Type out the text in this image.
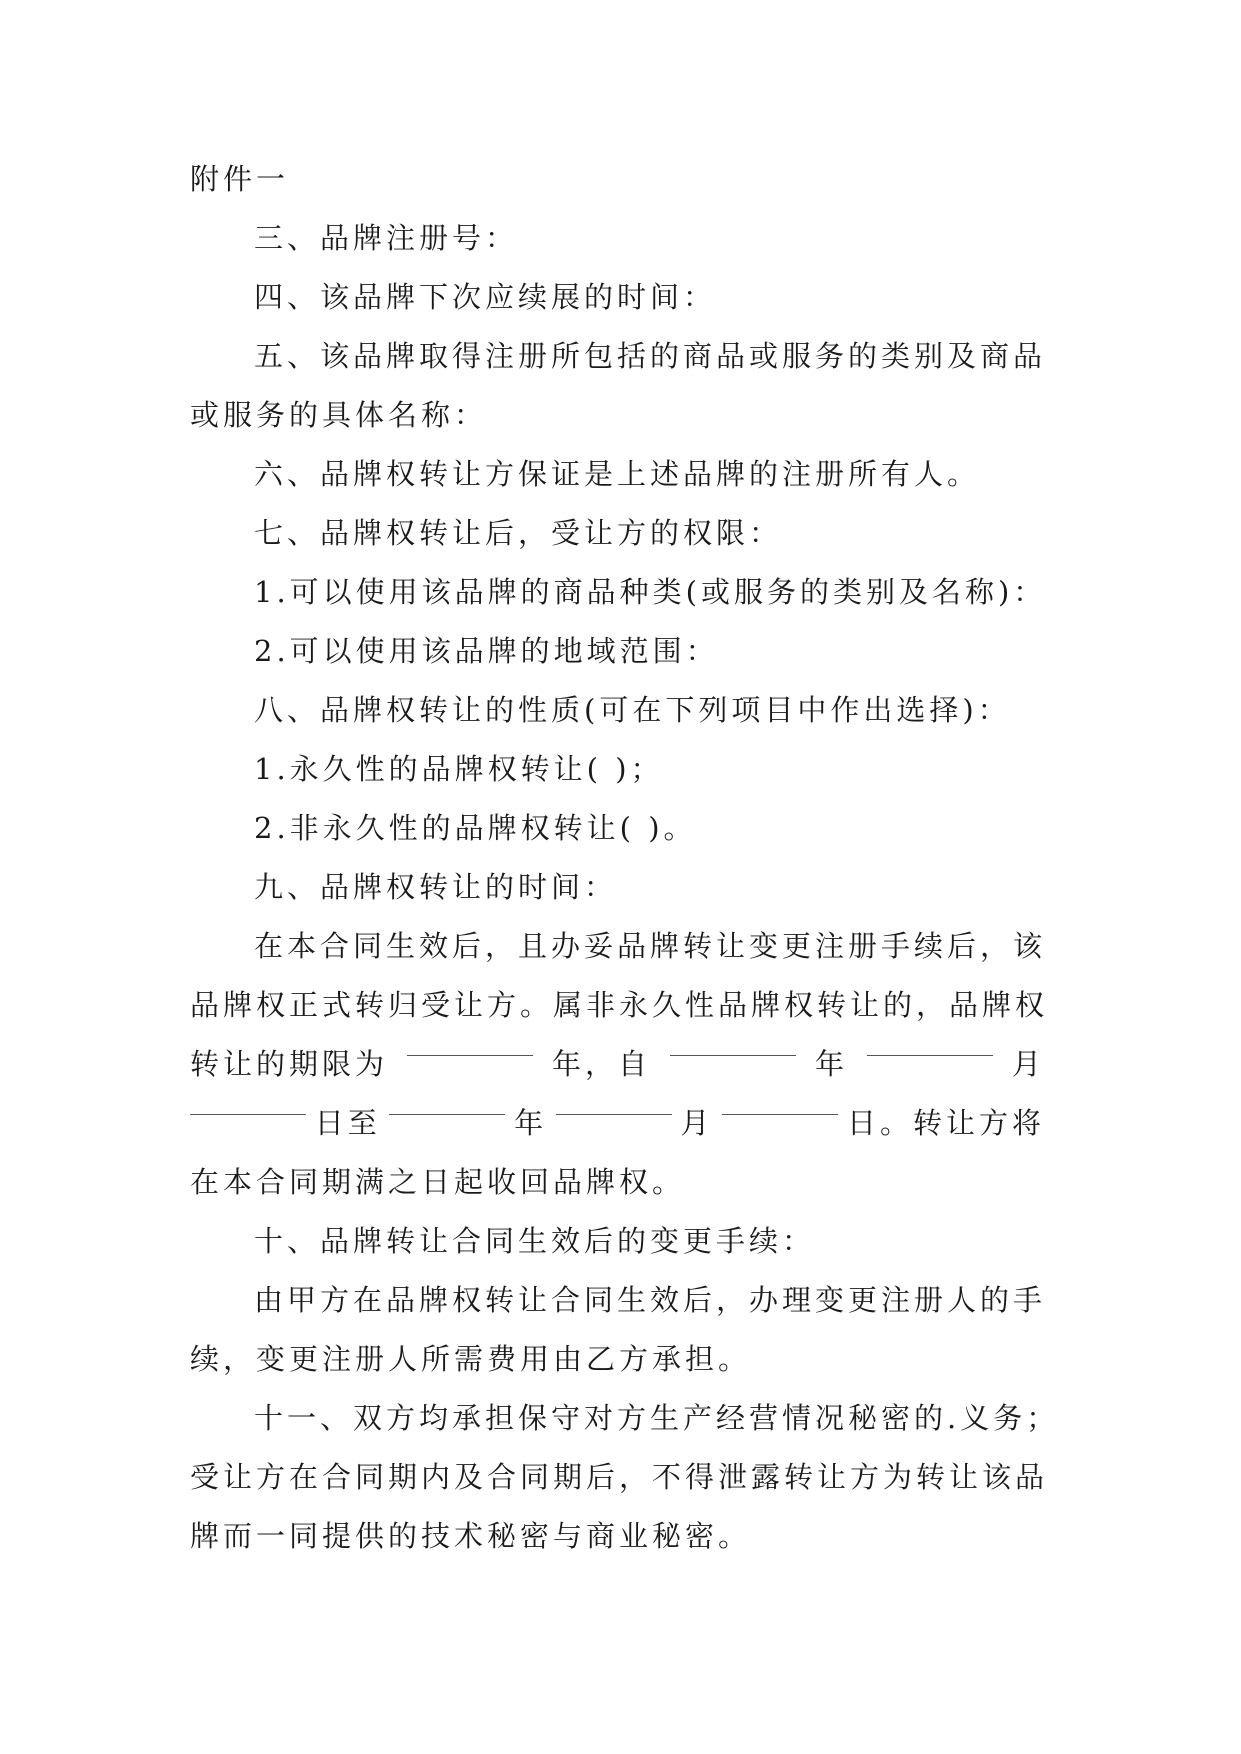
附件一
三、品牌注册号：
四、该品牌下次应续展的时间：
五、该品牌取得注册所包括的商品或服务的类别及商品
或服务的具体名称：
六、品牌权转让方保证是上述品牌的注册所有人。
七、品牌权转让后，受让方的权限：
1.可以使用该品牌的商品种类(或服务的类别及名称)：
2.可以使用该品牌的地域范围：
八、品牌权转让的性质(可在下列项目中作出选择)：
1.永久性的品牌权转让( )；
2.非永久性的品牌权转让( )。
九、品牌权转让的时间：
在本合同生效后，且办妥品牌转让变更注册手续后，该
品牌权正式转归受让方。属非永久性品牌权转让的，品牌权
转让的期限为	年，自	年	月
日至	年	月	日。转让方将
在本合同期满之日起收回品牌权。
十、品牌转让合同生效后的变更手续：
由甲方在品牌权转让合同生效后，办理变更注册人的手
续，变更注册人所需费用由乙方承担。
十一、双方均承担保守对方生产经营情况秘密的.义务；
受让方在合同期内及合同期后，不得泄露转让方为转让该品
牌而一同提供的技术秘密与商业秘密。
